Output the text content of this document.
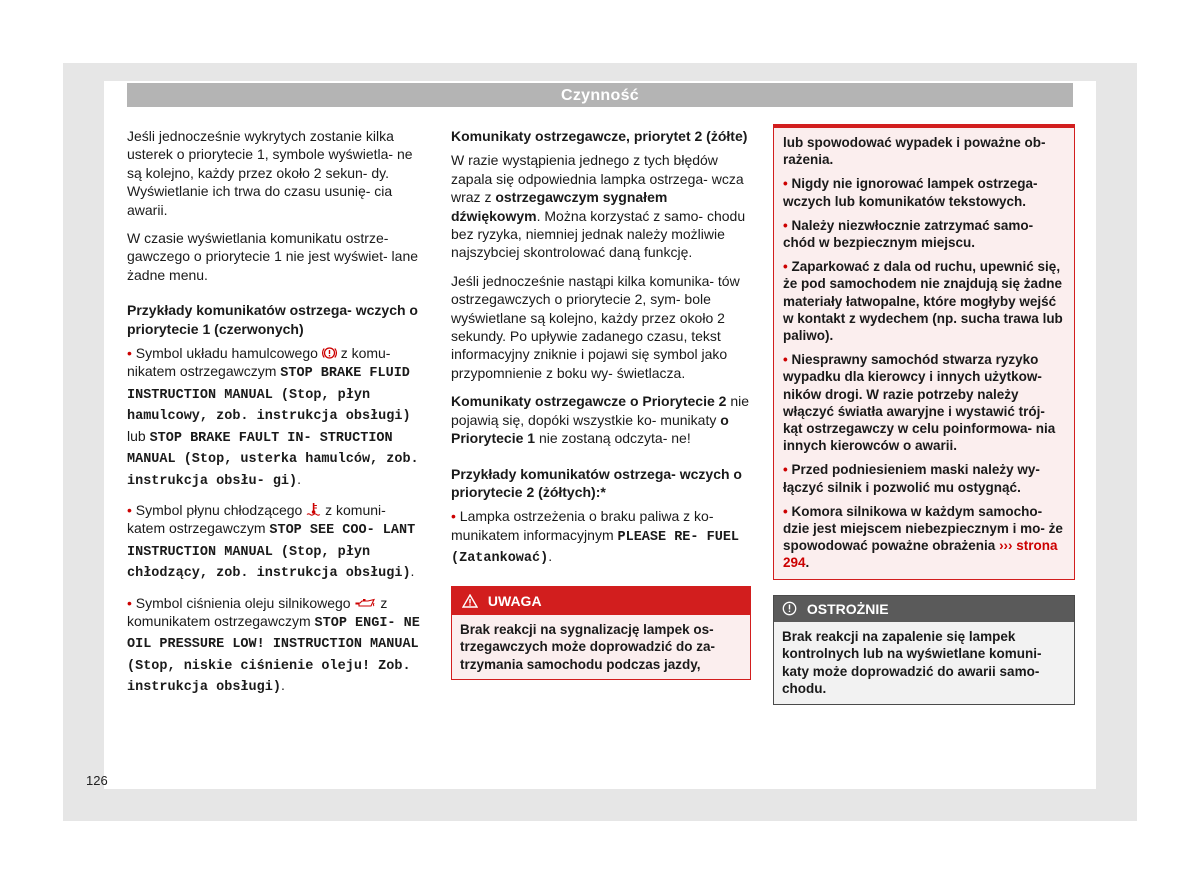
Czynność

Jeśli jednocześnie wykrytych zostanie kilka usterek o priorytecie 1, symbole wyświetla- ne są kolejno, każdy przez około 2 sekun- dy. Wyświetlanie ich trwa do czasu usunię- cia awarii.

W czasie wyświetlania komunikatu ostrze- gawczego o priorytecie 1 nie jest wyświet- lane żadne menu.

Przykłady komunikatów ostrzega- wczych o priorytecie 1 (czerwonych)

• Symbol układu hamulcowego z komu- nikatem ostrzegawczym STOP BRAKE FLUID INSTRUCTION MANUAL (Stop, płyn hamulcowy, zob. instrukcja obsługi) lub STOP BRAKE FAULT IN- STRUCTION MANUAL (Stop, usterka hamulców, zob. instrukcja obsłu- gi).

• Symbol płynu chłodzącego z komuni- katem ostrzegawczym STOP SEE COO- LANT INSTRUCTION MANUAL (Stop, płyn chłodzący, zob. instrukcja obsługi).

• Symbol ciśnienia oleju silnikowego z komunikatem ostrzegawczym STOP ENGI- NE OIL PRESSURE LOW! INSTRUCTION MANUAL (Stop, niskie ciśnienie oleju! Zob. instrukcja obsługi).

Komunikaty ostrzegawcze, priorytet 2 (żółte)

W razie wystąpienia jednego z tych błędów zapala się odpowiednia lampka ostrzega- wcza wraz z ostrzegawczym sygnałem dźwiękowym. Można korzystać z samo- chodu bez ryzyka, niemniej jednak należy możliwie najszybciej skontrolować daną funkcję.

Jeśli jednocześnie nastąpi kilka komunika- tów ostrzegawczych o priorytecie 2, sym- bole wyświetlane są kolejno, każdy przez około 2 sekundy. Po upływie zadanego czasu, tekst informacyjny zniknie i pojawi się symbol jako przypomnienie z boku wy- świetlacza.

Komunikaty ostrzegawcze o Priorytecie 2 nie pojawią się, dopóki wszystkie ko- munikaty o Priorytecie 1 nie zostaną odczyta- ne!

Przykłady komunikatów ostrzega- wczych o priorytecie 2 (żółtych):*

• Lampka ostrzeżenia o braku paliwa z ko- munikatem informacyjnym PLEASE RE- FUEL (Zatankować).

UWAGA
Brak reakcji na sygnalizację lampek os- trzegawczych może doprowadzić do za- trzymania samochodu podczas jazdy,

lub spowodować wypadek i poważne ob- rażenia.

• Nigdy nie ignorować lampek ostrzega- wczych lub komunikatów tekstowych.

• Należy niezwłocznie zatrzymać samo- chód w bezpiecznym miejscu.

• Zaparkować z dala od ruchu, upewnić się, że pod samochodem nie znajdują się żadne materiały łatwopalne, które mogłyby wejść w kontakt z wydechem (np. sucha trawa lub paliwo).

• Niesprawny samochód stwarza ryzyko wypadku dla kierowcy i innych użytkow- ników drogi. W razie potrzeby należy włączyć światła awaryjne i wystawić trój- kąt ostrzegawczy w celu poinformowa- nia innych kierowców o awarii.

• Przed podniesieniem maski należy wy- łączyć silnik i pozwolić mu ostygnąć.

• Komora silnikowa w każdym samocho- dzie jest miejscem niebezpiecznym i mo- że spowodować poważne obrażenia ››› strona 294.

OSTROŻNIE
Brak reakcji na zapalenie się lampek kontrolnych lub na wyświetlane komuni- katy może doprowadzić do awarii samo- chodu.
126
